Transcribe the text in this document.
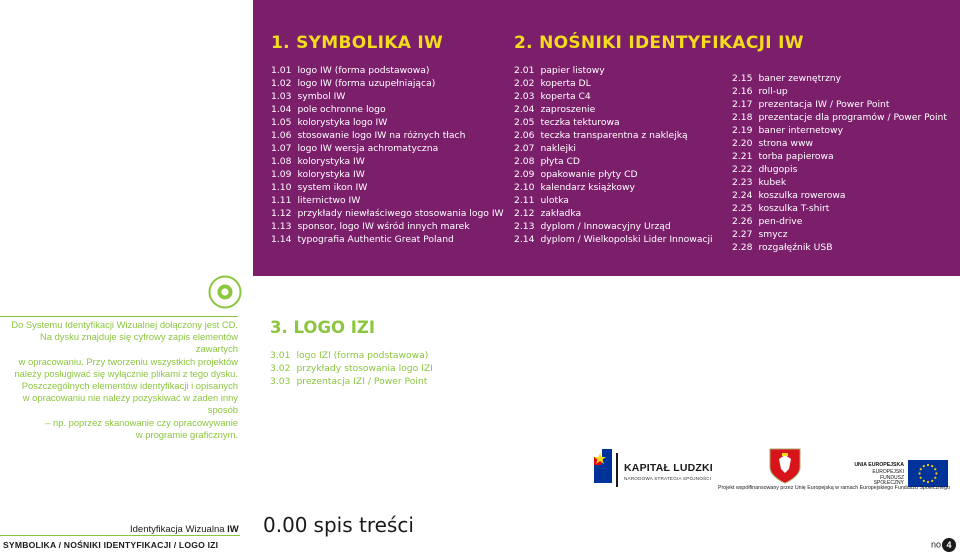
1. SYMBOLIKA IW
1.01 logo IW (forma podstawowa)
1.02 logo IW (forma uzupełniająca)
1.03 symbol IW
1.04 pole ochronne logo
1.05 kolorystyka logo IW
1.06 stosowanie logo IW na różnych tłach
1.07 logo IW wersja achromatyczna
1.08 kolorystyka IW
1.09 kolorystyka IW
1.10 system ikon IW
1.11 liternictwo IW
1.12 przykłady niewłaściwego stosowania logo IW
1.13 sponsor, logo IW wśród innych marek
1.14 typografia Authentic Great Poland
2. NOŚNIKI IDENTYFIKACJI IW
2.01 papier listowy
2.02 koperta DL
2.03 koperta C4
2.04 zaproszenie
2.05 teczka tekturowa
2.06 teczka transparentna z naklejką
2.07 naklejki
2.08 płyta CD
2.09 opakowanie płyty CD
2.10 kalendarz książkowy
2.11 ulotka
2.12 zakładka
2.13 dyplom / Innowacyjny Urząd
2.14 dyplom / Wielkopolski Lider Innowacji
2.15 baner zewnętrzny
2.16 roll-up
2.17 prezentacja IW / Power Point
2.18 prezentacje dla programów / Power Point
2.19 baner internetowy
2.20 strona www
2.21 torba papierowa
2.22 długopis
2.23 kubek
2.24 koszulka rowerowa
2.25 koszulka T-shirt
2.26 pen-drive
2.27 smycz
2.28 rozgałęźnik USB
Do Systemu Identyfikacji Wizualnej dołączony jest CD.
Na dysku znajduje się cyfrowy zapis elementów zawartych
w opracowaniu. Przy tworzeniu wszystkich projektów
należy posługiwać się wyłącznie plikami z tego dysku.
Poszczególnych elementów identyfikacji i opisanych
w opracowaniu nie należy pozyskiwać w żaden inny sposób
– np. poprzez skanowanie czy opracowywanie
w programie graficznym.
3. LOGO IZI
3.01 logo IZI (forma podstawowa)
3.02 przykłady stosowania logo IZI
3.03 prezentacja IZI / Power Point
KAPITAŁ LUDZKI
NARODOWA STRATEGIA SPÓJNOŚCI
UNIA EUROPEJSKA
EUROPEJSKI FUNDUSZ SPOŁECZNY
Projekt współfinansowany przez Unię Europejską w ramach Europejskiego Funduszu Społecznego
Identyfikacja Wizualna IW
SYMBOLIKA / NOŚNIKI IDENTYFIKACJI / LOGO IZI
0.00 spis treści
no 4
